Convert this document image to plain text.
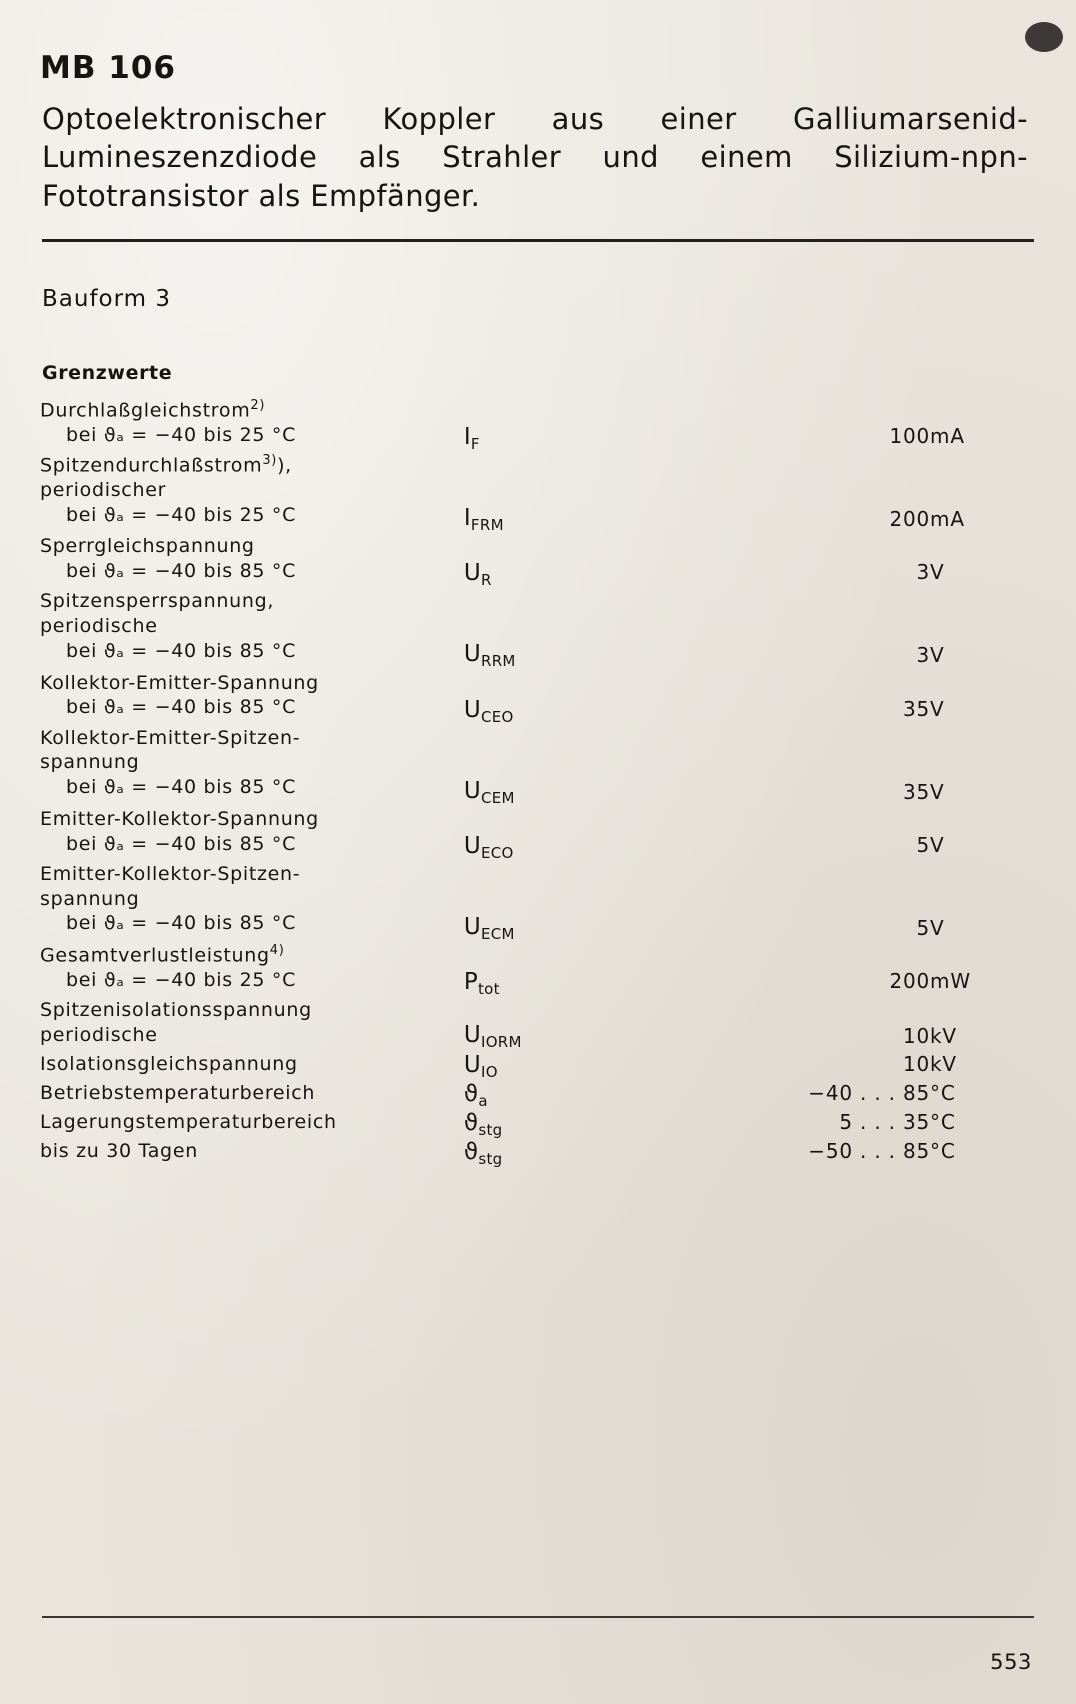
MB 106

Optoelektronischer Koppler aus einer Galliumarsenid-Lumineszenzdiode als Strahler und einem Silizium-npn-Fototransistor als Empfänger.

Bauform 3
Grenzwerte
Durchlaßgleichstrom$^{2)}$
bei ϑₐ = −40 bis 25 °C	$I_F$	100	mA

Spitzendurchlaßstrom$^{3)}$),
periodischer
bei ϑₐ = −40 bis 25 °C	$I_{FRM}$	200	mA

Sperrgleichspannung
bei ϑₐ = −40 bis 85 °C	$U_R$	3	V

Spitzensperrspannung,
periodische
bei ϑₐ = −40 bis 85 °C	$U_{RRM}$	3	V

Kollektor-Emitter-Spannung
bei ϑₐ = −40 bis 85 °C	$U_{CEO}$	35	V

Kollektor-Emitter-Spitzen-
spannung
bei ϑₐ = −40 bis 85 °C	$U_{CEM}$	35	V

Emitter-Kollektor-Spannung
bei ϑₐ = −40 bis 85 °C	$U_{ECO}$	5	V

Emitter-Kollektor-Spitzen-
spannung
bei ϑₐ = −40 bis 85 °C	$U_{ECM}$	5	V

Gesamtverlustleistung$^{4)}$
bei ϑₐ = −40 bis 25 °C	$P_{tot}$	200	mW

Spitzenisolationsspannung
periodische	$U_{IORM}$	10	kV

Isolationsgleichspannung	$U_{IO}$	10	kV

Betriebstemperaturbereich	$ϑ_a$	−40 . . . 85	°C

Lagerungstemperaturbereich	$ϑ_{stg}$	5 . . . 35	°C

bis zu 30 Tagen	$ϑ_{stg}$	−50 . . . 85	°C
553
